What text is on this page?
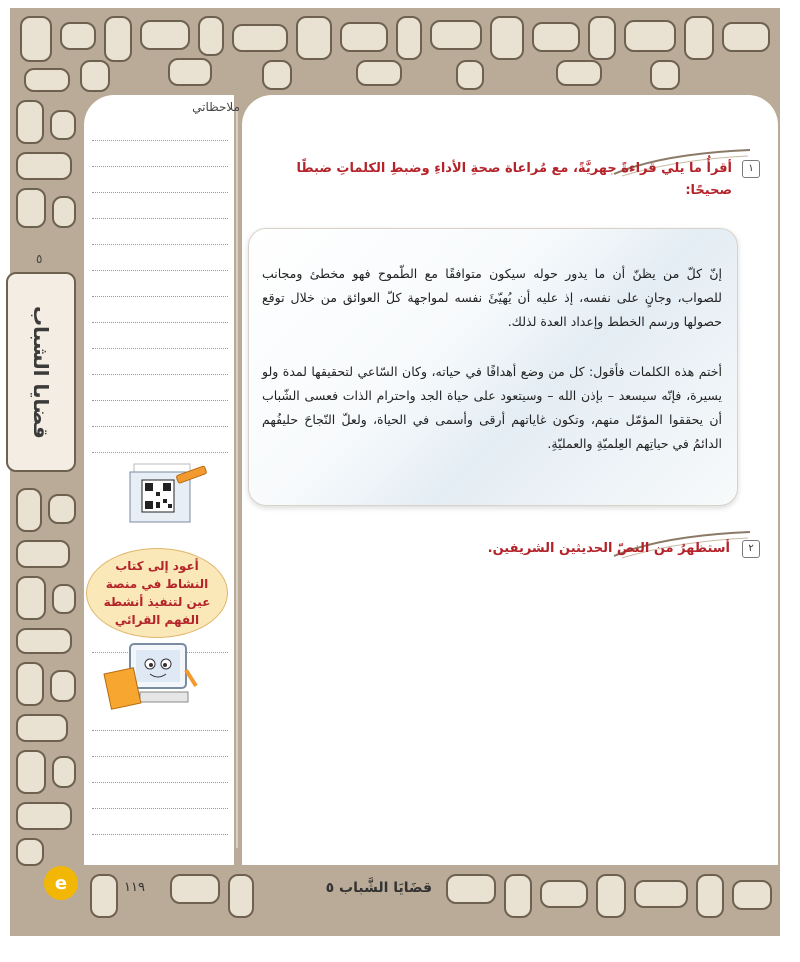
ملاحظاتي
قضايا الشباب
٥
١
أقرأُ ما يلي قراءةً جهريَّةً، مع مُراعاة صحةِ الأداءِ وضبطِ الكلماتِ ضبطًا صحيحًا:
إنّ كلّ من يظنّ أن ما يدور حوله سيكون متوافقًا مع الطّموح فهو مخطئ ومجانب للصواب، وجانٍ على نفسه، إذ عليه أن يُهيّئَ نفسه لمواجهة كلّ العوائق من خلال توقع حصولها ورسم الخطط وإعداد العدة لذلك.
أختم هذه الكلمات فأقول: كل من وضع أهدافًا في حياته، وكان السّاعي لتحقيقها لمدة ولو يسيرة، فإنّه سيسعد – بإذن الله – وسيتعود على حياة الجد واحترام الذات فعسى الشّباب أن يحققوا المؤمّل منهم، وتكون غاياتهم أرقى وأسمى في الحياة، ولعلّ النّجاحَ حليفُهم الدائمُ في حياتِهم العِلميّةِ والعمليّةِ.
٢
أستظهرُ من النصّ الحديثين الشريفين.
أعود إلى كتاب النشاط في منصة عين لتنفيذ أنشطة الفهم القرائي
e	١١٩	قضَايَا الشَّباب ٥
